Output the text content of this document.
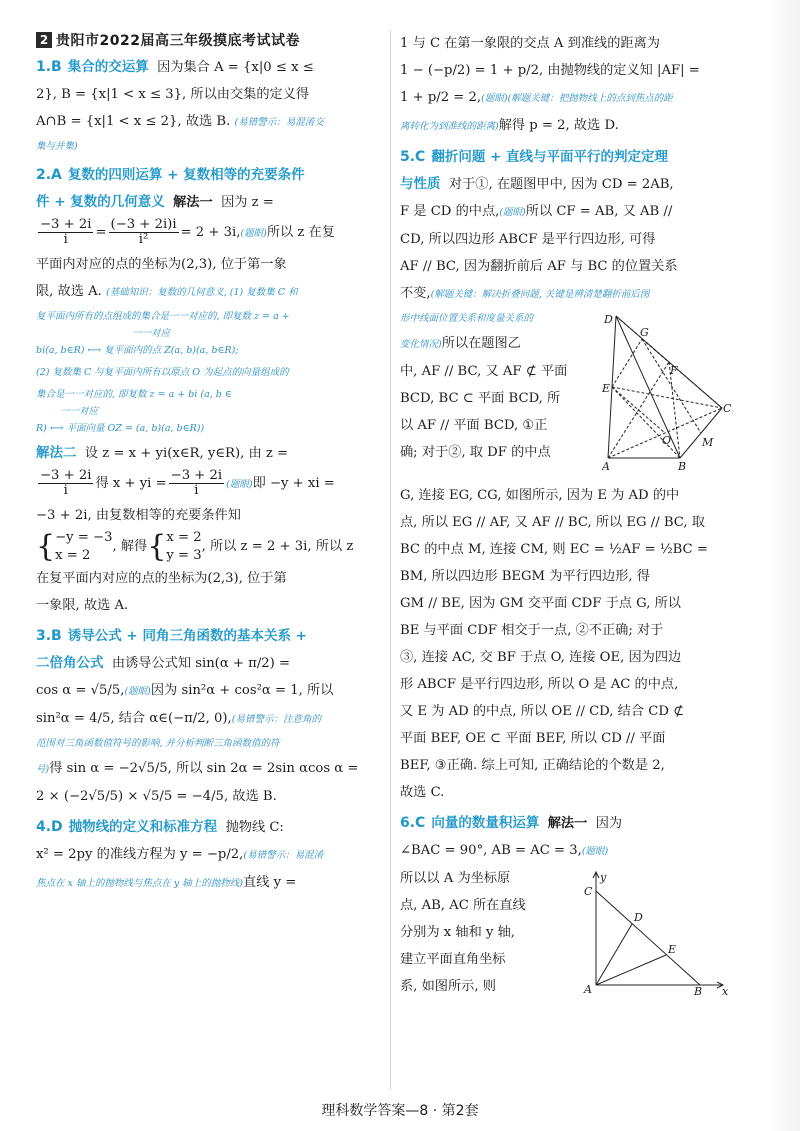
2 贵阳市2022届高三年级摸底考试试卷
1.B 集合的交运算 因为集合 A = {x|0 ≤ x ≤
2}, B = {x|1 < x ≤ 3}, 所以由交集的定义得
A∩B = {x|1 < x ≤ 2}, 故选 B. (易错警示：易混淆交
集与并集)
2.A 复数的四则运算 + 复数相等的充要条件
件 + 复数的几何意义 解法一 因为 z =
$\frac{-3 + 2i}{i} = \frac{(-3 + 2i)i}{\text{i²}} = 2 + 3i$,(题眼)所以 z 在复
平面内对应的点的坐标为(2,3), 位于第一象
限, 故选 A. (基础知识：复数的几何意义, (1) 复数集 C 和
复平面内所有的点组成的集合是一一对应的, 即复数 z = a +
一一对应
bi(a, b∈R) ⟷ 复平面内的点 Z(a, b)(a, b∈R);
(2) 复数集 C 与复平面内所有以原点 O 为起点的向量组成的
集合是一一对应的, 即复数 z = a + bi (a, b ∈
一一对应
R) ⟷ 平面向量 OZ = (a, b)(a, b∈R))
解法二 设 z = x + yi(x∈R, y∈R), 由 z =
$\frac{-3 + 2i}{i}$ 得 x + yi = $\frac{-3 + 2i}{i}$ (题眼)即 −y + xi =
−3 + 2i, 由复数相等的充要条件知
{ −y = −3
x = 2
, 解得 { x = 2
y = 3
, 所以 z = 2 + 3i, 所以 z
在复平面内对应的点的坐标为(2,3), 位于第
一象限, 故选 A.
3.B 诱导公式 + 同角三角函数的基本关系 +
二倍角公式 由诱导公式知 sin(α + π/2) =
cos α = √5/5,(题眼)因为 sin²α + cos²α = 1, 所以
sin²α = 4/5, 结合 α∈(−π/2, 0),(易错警示：注意角的
范围对三角函数值符号的影响, 并分析判断三角函数值的符
号)得 sin α = −2√5/5, 所以 sin 2α = 2sin αcos α =
2 × (−2√5/5) × √5/5 = −4/5, 故选 B.
4.D 抛物线的定义和标准方程 抛物线 C:
x² = 2py 的准线方程为 y = −p/2,(易错警示：易混淆
焦点在 x 轴上的抛物线与焦点在 y 轴上的抛物线)直线 y =
1 与 C 在第一象限的交点 A 到准线的距离为
1 − (−p/2) = 1 + p/2, 由抛物线的定义知 |AF| =
1 + p/2 = 2,(题眼)(解题关键：把抛物线上的点到焦点的距
离转化为到准线的距离)解得 p = 2, 故选 D.
5.C 翻折问题 + 直线与平面平行的判定定理
与性质 对于①, 在题图甲中, 因为 CD = 2AB,
F 是 CD 的中点,(题眼)所以 CF = AB, 又 AB //
CD, 所以四边形 ABCF 是平行四边形, 可得
AF // BC, 因为翻折前后 AF 与 BC 的位置关系
不变,(解题关键：解决折叠问题, 关键是辨清楚翻折前后图
D
G
E
F
O
A	B
C
M
形中线面位置关系和度量关系的
变化情况)所以在题图乙
中, AF // BC, 又 AF ⊄ 平面
BCD, BC ⊂ 平面 BCD, 所
以 AF // 平面 BCD, ①正
确; 对于②, 取 DF 的中点
G, 连接 EG, CG, 如图所示, 因为 E 为 AD 的中
点, 所以 EG // AF, 又 AF // BC, 所以 EG // BC, 取
BC 的中点 M, 连接 CM, 则 EC = ½AF = ½BC =
BM, 所以四边形 BEGM 为平行四边形, 得
GM // BE, 因为 GM 交平面 CDF 于点 G, 所以
BE 与平面 CDF 相交于一点, ②不正确; 对于
③, 连接 AC, 交 BF 于点 O, 连接 OE, 因为四边
形 ABCF 是平行四边形, 所以 O 是 AC 的中点,
又 E 为 AD 的中点, 所以 OE // CD, 结合 CD ⊄
平面 BEF, OE ⊂ 平面 BEF, 所以 CD // 平面
BEF, ③正确. 综上可知, 正确结论的个数是 2,
故选 C.
6.C 向量的数量积运算 解法一 因为
∠BAC = 90°, AB = AC = 3,(题眼)
y
x
C
D
E
A	B
所以以 A 为坐标原
点, AB, AC 所在直线
分别为 x 轴和 y 轴,
建立平面直角坐标
系, 如图所示, 则
理科数学答案—8 · 第2套
